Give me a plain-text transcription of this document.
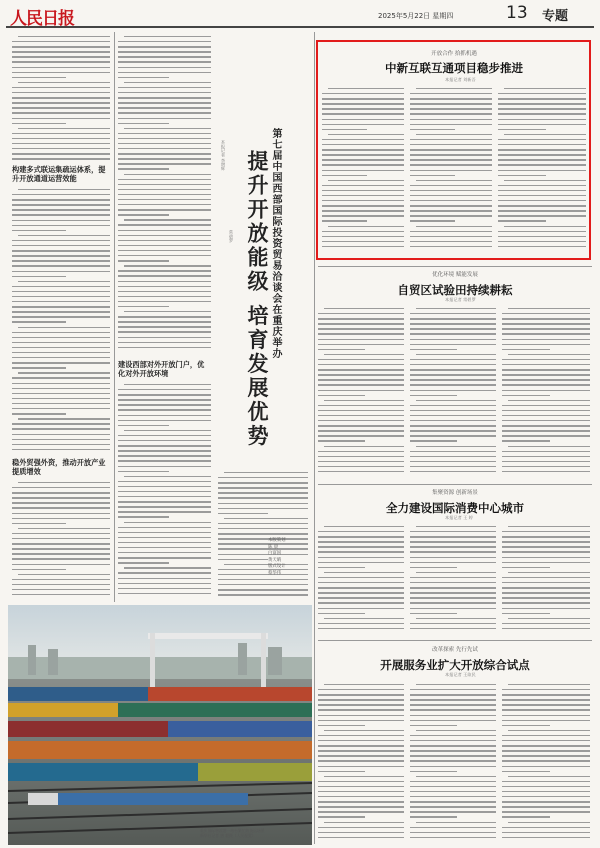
人民日报	2025年5月22日 星期四	13 专题
构建多式联运集疏运体系，提升开放通道运营效能
稳外贸强外资，推动开放产业提质增效
建设西部对外开放门户，优化对外开放环境
第七届中国西部国际投资贸易洽谈会在重庆举办
提升开放能级 培育发展优势
本报记者 李增辉
常碧罗
本版策划
陈 晨
白富国
黄天晴
版式设计
蔡华伟
重庆国际物流港一站台繁忙的货运场景
新华社记者 唐 毅摄（人民视觉）
开放合作 拾抓机遇
中新互联互通项目稳步推进
本报记者 刘新吾
优化环境 赋能发展
自贸区试验田持续耕耘
本报记者 常碧罗
集聚资源 创新场景
全力建设国际消费中心城市
本报记者 王 婷
改革探索 先行先试
开展服务业扩大开放综合试点
本报记者 王欲民
